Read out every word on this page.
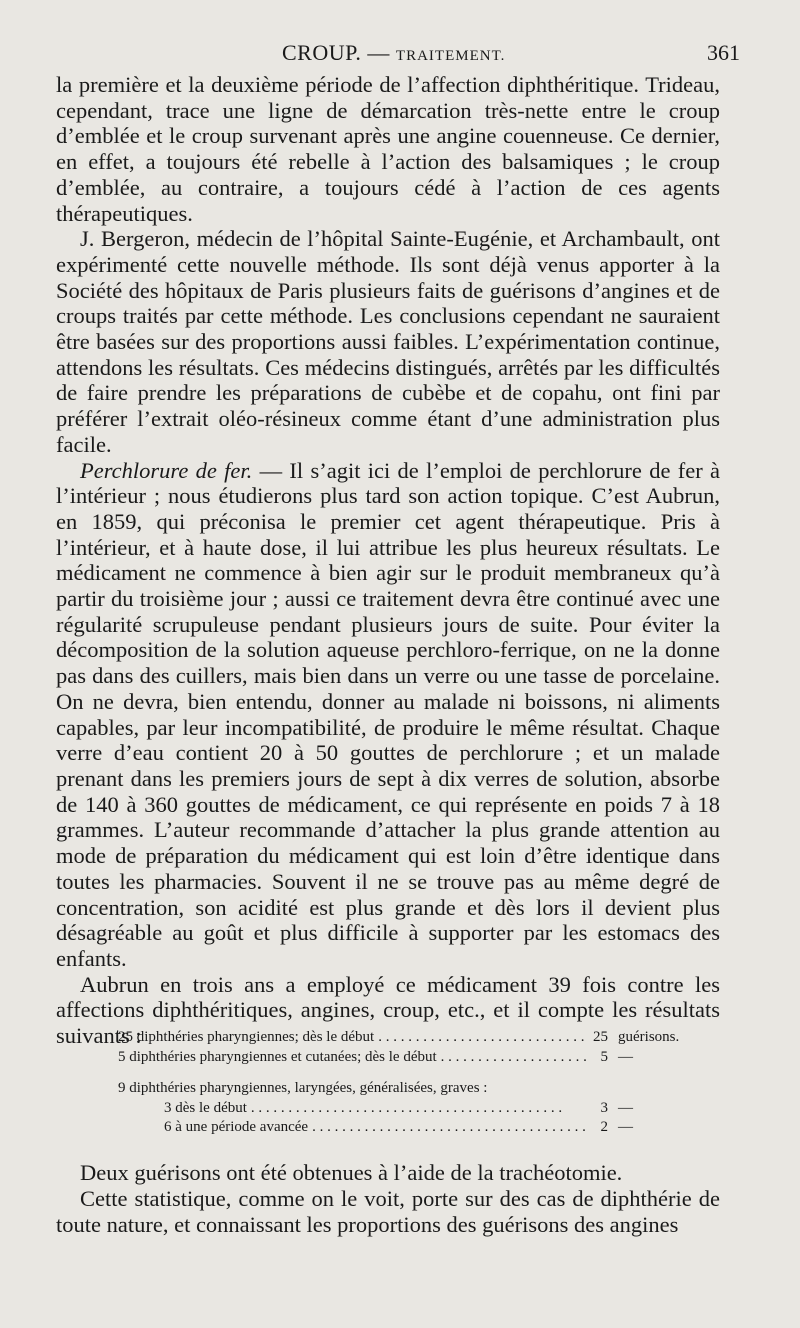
CROUP. — TRAITEMENT.	361

la première et la deuxième période de l’affection diphthéritique. Trideau, cependant, trace une ligne de démarcation très-nette entre le croup d’emblée et le croup survenant après une angine couenneuse. Ce dernier, en effet, a toujours été rebelle à l’action des balsamiques ; le croup d’emblée, au contraire, a toujours cédé à l’action de ces agents thérapeutiques.

J. Bergeron, médecin de l’hôpital Sainte-Eugénie, et Archambault, ont expérimenté cette nouvelle méthode. Ils sont déjà venus apporter à la Société des hôpitaux de Paris plusieurs faits de guérisons d’angines et de croups traités par cette méthode. Les conclusions cependant ne sauraient être basées sur des proportions aussi faibles. L’expérimentation continue, attendons les résultats. Ces médecins distingués, arrêtés par les difficultés de faire prendre les préparations de cubèbe et de copahu, ont fini par préférer l’extrait oléo-résineux comme étant d’une administration plus facile.

Perchlorure de fer. — Il s’agit ici de l’emploi de perchlorure de fer à l’intérieur ; nous étudierons plus tard son action topique. C’est Aubrun, en 1859, qui préconisa le premier cet agent thérapeutique. Pris à l’intérieur, et à haute dose, il lui attribue les plus heureux résultats. Le médicament ne commence à bien agir sur le produit membraneux qu’à partir du troisième jour ; aussi ce traitement devra être continué avec une régularité scrupuleuse pendant plusieurs jours de suite. Pour éviter la décomposition de la solution aqueuse perchloro-ferrique, on ne la donne pas dans des cuillers, mais bien dans un verre ou une tasse de porcelaine. On ne devra, bien entendu, donner au malade ni boissons, ni aliments capables, par leur incompatibilité, de produire le même résultat. Chaque verre d’eau contient 20 à 50 gouttes de perchlorure ; et un malade prenant dans les premiers jours de sept à dix verres de solution, absorbe de 140 à 360 gouttes de médicament, ce qui représente en poids 7 à 18 grammes. L’auteur recommande d’attacher la plus grande attention au mode de préparation du médicament qui est loin d’être identique dans toutes les pharmacies. Souvent il ne se trouve pas au même degré de concentration, son acidité est plus grande et dès lors il devient plus désagréable au goût et plus difficile à supporter par les estomacs des enfants.

Aubrun en trois ans a employé ce médicament 39 fois contre les affections diphthéritiques, angines, croup, etc., et il compte les résultats suivants :

25 diphthéries pharyngiennes; dès le début . . .	25 guérisons.
5 diphthéries pharyngiennes et cutanées; dès le début . . .	5 —
9 diphthéries pharyngiennes, laryngées, généralisées, graves :
3 dès le début . . .	3 —
6 à une période avancée . . .	2 —

Deux guérisons ont été obtenues à l’aide de la trachéotomie.

Cette statistique, comme on le voit, porte sur des cas de diphthérie de toute nature, et connaissant les proportions des guérisons des angines
